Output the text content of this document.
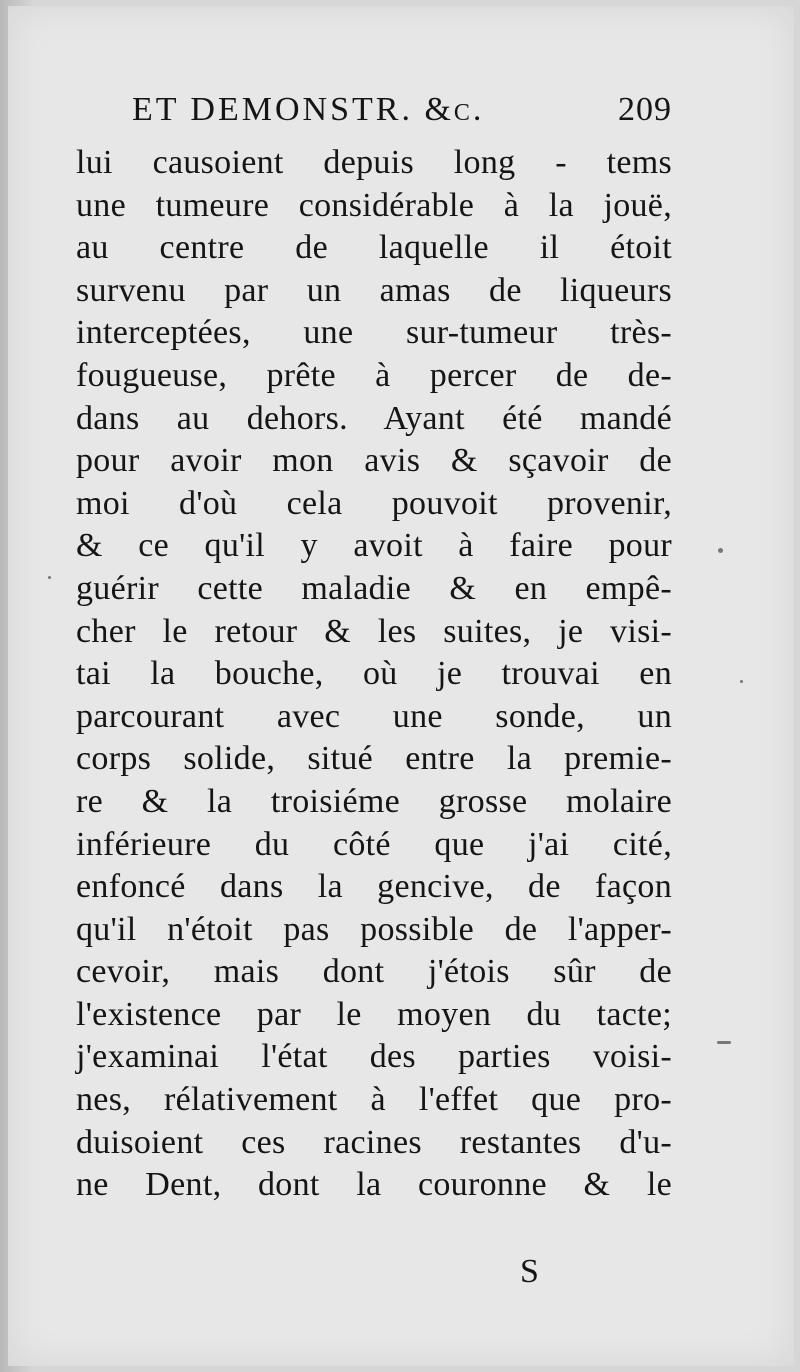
ET DEMONSTR. &c.	209
lui causoient depuis long - tems
une tumeure considérable à la jouë,
au centre de laquelle il étoit
survenu par un amas de liqueurs
interceptées, une sur-tumeur très-
fougueuse, prête à percer de de-
dans au dehors. Ayant été mandé
pour avoir mon avis & sçavoir de
moi d'où cela pouvoit provenir,
& ce qu'il y avoit à faire pour
guérir cette maladie & en empê-
cher le retour & les suites, je visi-
tai la bouche, où je trouvai en
parcourant avec une sonde, un
corps solide, situé entre la premie-
re & la troisiéme grosse molaire
inférieure du côté que j'ai cité,
enfoncé dans la gencive, de façon
qu'il n'étoit pas possible de l'apper-
cevoir, mais dont j'étois sûr de
l'existence par le moyen du tacte;
j'examinai l'état des parties voisi-
nes, rélativement à l'effet que pro-
duisoient ces racines restantes d'u-
ne Dent, dont la couronne & le
S
